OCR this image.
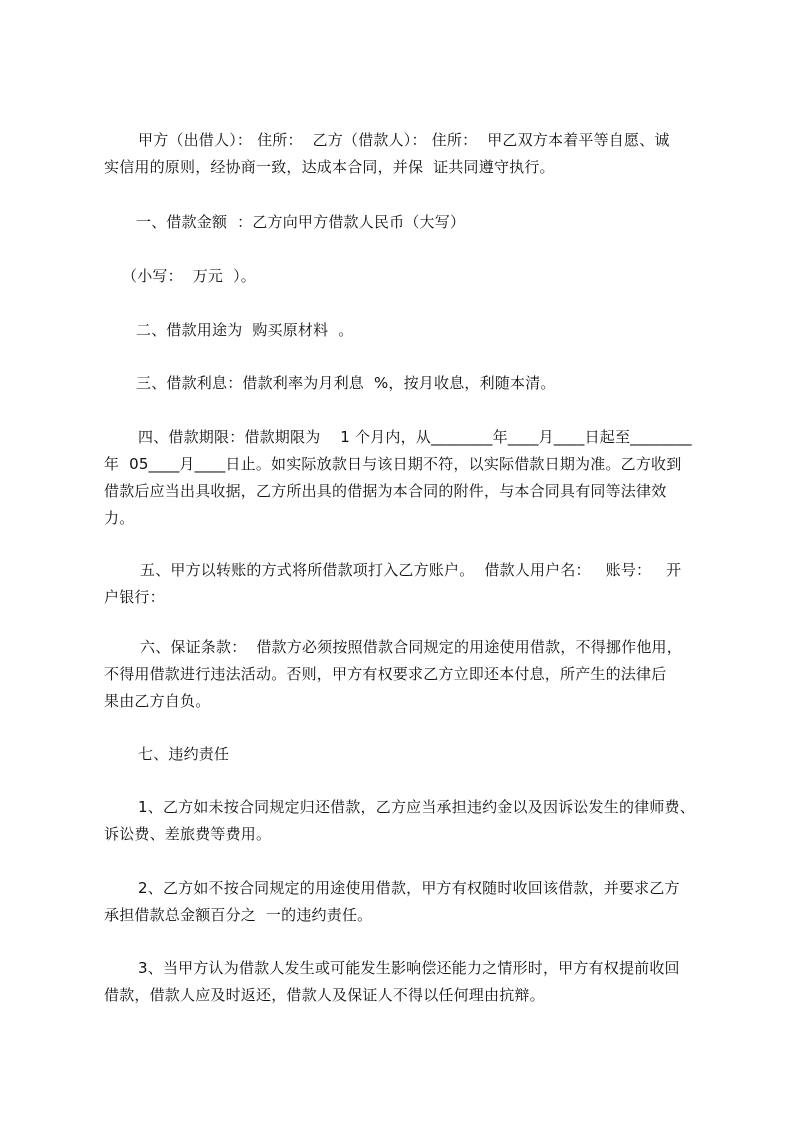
甲方（出借人）： 住所：  乙方（借款人）： 住所：  甲乙双方本着平等自愿、诚
实信用的原则，经协商一致，达成本合同，并保  证共同遵守执行。
一、借款金额  ：乙方向甲方借款人民币（大写）
（小写：  万元  ）。
二、借款用途为  购买原材料  。
三、借款利息：借款利率为月利息  %，按月收息，利随本清。
四、借款期限：借款期限为    1 个月内，从________年____月____日起至________
年  05____月____日止。如实际放款日与该日期不符，以实际借款日期为准。乙方收到
借款后应当出具收据，乙方所出具的借据为本合同的附件，与本合同具有同等法律效
力。
五、甲方以转账的方式将所借款项打入乙方账户。  借款人用户名：   账号：   开
户银行：
六、保证条款：  借款方必须按照借款合同规定的用途使用借款，不得挪作他用，
不得用借款进行违法活动。否则，甲方有权要求乙方立即还本付息，所产生的法律后
果由乙方自负。
七、违约责任
1、乙方如未按合同规定归还借款，乙方应当承担违约金以及因诉讼发生的律师费、
诉讼费、差旅费等费用。
2、乙方如不按合同规定的用途使用借款，甲方有权随时收回该借款，并要求乙方
承担借款总金额百分之  一的违约责任。
3、当甲方认为借款人发生或可能发生影响偿还能力之情形时，甲方有权提前收回
借款，借款人应及时返还，借款人及保证人不得以任何理由抗辩。
